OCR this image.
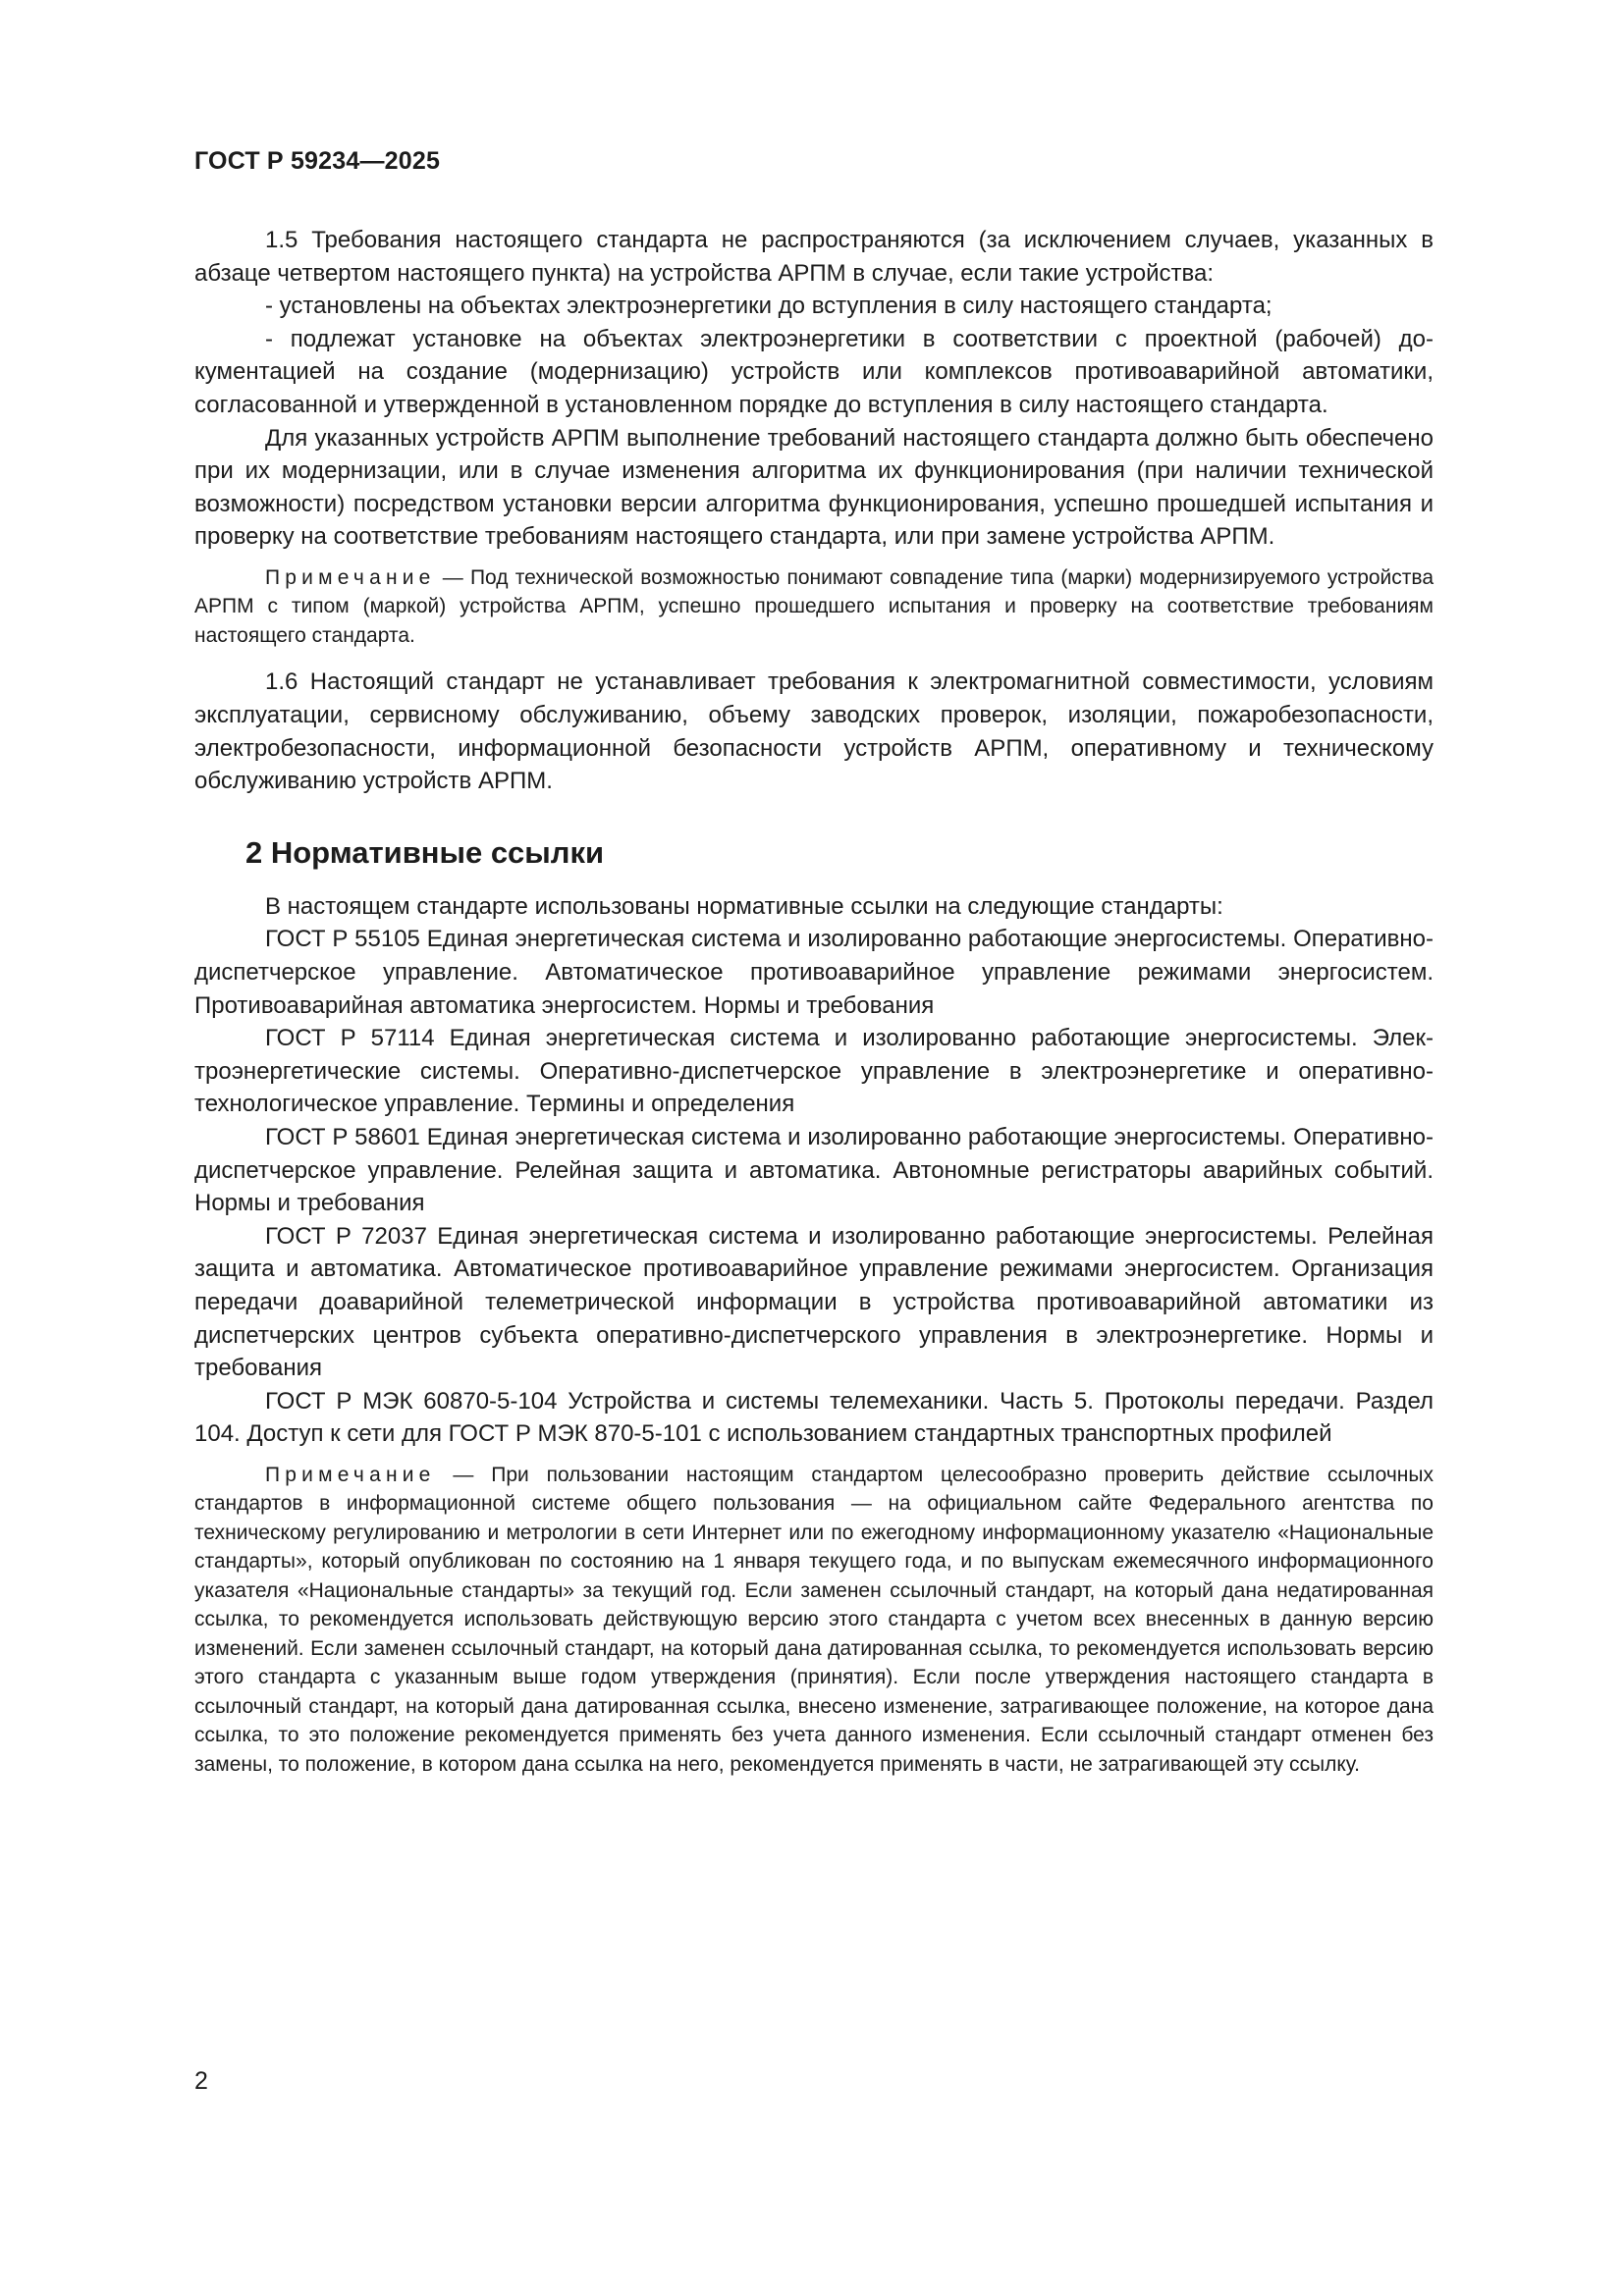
ГОСТ Р 59234—2025

1.5 Требования настоящего стандарта не распространяются (за исключением случаев, указанных в абзаце четвертом настоящего пункта) на устройства АРПМ в случае, если такие устройства:

- установлены на объектах электроэнергетики до вступления в силу настоящего стандарта;

- подлежат установке на объектах электроэнергетики в соответствии с проектной (рабочей) документацией на создание (модернизацию) устройств или комплексов противоаварийной автоматики, согласованной и утвержденной в установленном порядке до вступления в силу настоящего стандарта.

Для указанных устройств АРПМ выполнение требований настоящего стандарта должно быть обеспечено при их модернизации, или в случае изменения алгоритма их функционирования (при наличии технической возможности) посредством установки версии алгоритма функционирования, успешно прошедшей испытания и проверку на соответствие требованиям настоящего стандарта, или при замене устройства АРПМ.

Примечание — Под технической возможностью понимают совпадение типа (марки) модернизируемого устройства АРПМ с типом (маркой) устройства АРПМ, успешно прошедшего испытания и проверку на соответствие требованиям настоящего стандарта.

1.6 Настоящий стандарт не устанавливает требования к электромагнитной совместимости, условиям эксплуатации, сервисному обслуживанию, объему заводских проверок, изоляции, пожаробезопасности, электробезопасности, информационной безопасности устройств АРПМ, оперативному и техническому обслуживанию устройств АРПМ.

2 Нормативные ссылки

В настоящем стандарте использованы нормативные ссылки на следующие стандарты:

ГОСТ Р 55105 Единая энергетическая система и изолированно работающие энергосистемы. Оперативно-диспетчерское управление. Автоматическое противоаварийное управление режимами энергосистем. Противоаварийная автоматика энергосистем. Нормы и требования

ГОСТ Р 57114 Единая энергетическая система и изолированно работающие энергосистемы. Электроэнергетические системы. Оперативно-диспетчерское управление в электроэнергетике и оперативно-технологическое управление. Термины и определения

ГОСТ Р 58601 Единая энергетическая система и изолированно работающие энергосистемы. Оперативно-диспетчерское управление. Релейная защита и автоматика. Автономные регистраторы аварийных событий. Нормы и требования

ГОСТ Р 72037 Единая энергетическая система и изолированно работающие энергосистемы. Релейная защита и автоматика. Автоматическое противоаварийное управление режимами энергосистем. Организация передачи доаварийной телеметрической информации в устройства противоаварийной автоматики из диспетчерских центров субъекта оперативно-диспетчерского управления в электроэнергетике. Нормы и требования

ГОСТ Р МЭК 60870-5-104 Устройства и системы телемеханики. Часть 5. Протоколы передачи. Раздел 104. Доступ к сети для ГОСТ Р МЭК 870-5-101 с использованием стандартных транспортных профилей

Примечание — При пользовании настоящим стандартом целесообразно проверить действие ссылочных стандартов в информационной системе общего пользования — на официальном сайте Федерального агентства по техническому регулированию и метрологии в сети Интернет или по ежегодному информационному указателю «Национальные стандарты», который опубликован по состоянию на 1 января текущего года, и по выпускам ежемесячного информационного указателя «Национальные стандарты» за текущий год. Если заменен ссылочный стандарт, на который дана недатированная ссылка, то рекомендуется использовать действующую версию этого стандарта с учетом всех внесенных в данную версию изменений. Если заменен ссылочный стандарт, на который дана датированная ссылка, то рекомендуется использовать версию этого стандарта с указанным выше годом утверждения (принятия). Если после утверждения настоящего стандарта в ссылочный стандарт, на который дана датированная ссылка, внесено изменение, затрагивающее положение, на которое дана ссылка, то это положение рекомендуется применять без учета данного изменения. Если ссылочный стандарт отменен без замены, то положение, в котором дана ссылка на него, рекомендуется применять в части, не затрагивающей эту ссылку.

2
